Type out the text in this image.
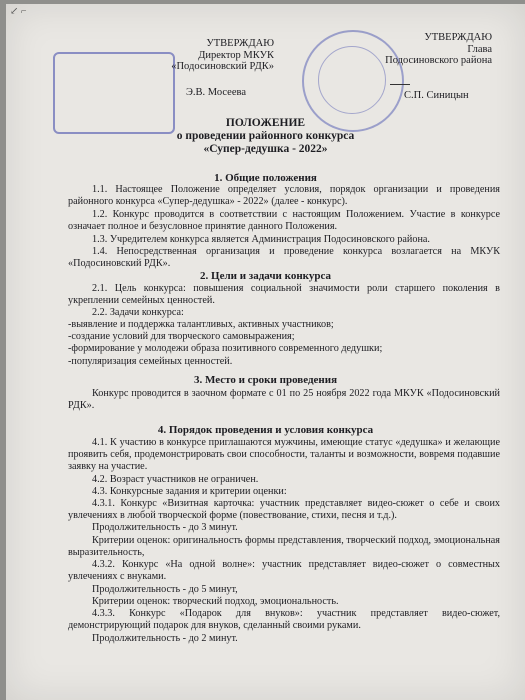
↙ ⌐
УТВЕРЖДАЮ
Директор МКУК
«Подосиновский РДК»
Э.В. Мосеева
УТВЕРЖДАЮ
Глава
Подосиновского района
С.П. Синицын
ПОЛОЖЕНИЕ
о проведении районного конкурса
«Супер-дедушка - 2022»
1. Общие положения
1.1. Настоящее Положение определяет условия, порядок организации и проведения районного конкурса «Супер-дедушка» - 2022» (далее - конкурс).
1.2. Конкурс проводится в соответствии с настоящим Положением. Участие в конкурсе означает полное и безусловное принятие данного Положения.
1.3. Учредителем конкурса является Администрация Подосиновского района.
1.4. Непосредственная организация и проведение конкурса возлагается на МКУК «Подосиновский РДК».
2. Цели и задачи конкурса
2.1. Цель конкурса: повышения социальной значимости роли старшего поколения в укреплении семейных ценностей.
2.2. Задачи конкурса:
-выявление и поддержка талантливых, активных участников;
-создание условий для творческого самовыражения;
-формирование у молодежи образа позитивного современного дедушки;
-популяризация семейных ценностей.
3. Место и сроки проведения
Конкурс проводится в заочном формате с 01 по 25 ноября 2022 года МКУК «Подосиновский РДК».
4. Порядок проведения и условия конкурса
4.1. К участию в конкурсе приглашаются мужчины, имеющие статус «дедушка» и желающие проявить себя, продемонстрировать свои способности, таланты и возможности, вовремя подавшие заявку на участие.
4.2. Возраст участников не ограничен.
4.3. Конкурсные задания и критерии оценки:
4.3.1. Конкурс «Визитная карточка: участник представляет видео-сюжет о себе и своих увлечениях в любой творческой форме (повествование, стихи, песня и т.д.).
Продолжительность - до 3 минут.
Критерии оценок: оригинальность формы представления, творческий подход, эмоциональная выразительность,
4.3.2. Конкурс «На одной волне»: участник представляет видео-сюжет о совместных увлечениях с внуками.
Продолжительность - до 5 минут,
Критерии оценок: творческий подход, эмоциональность.
4.3.3. Конкурс «Подарок для внуков»: участник представляет видео-сюжет, демонстрирующий подарок для внуков, сделанный своими руками.
Продолжительность - до 2 минут.
